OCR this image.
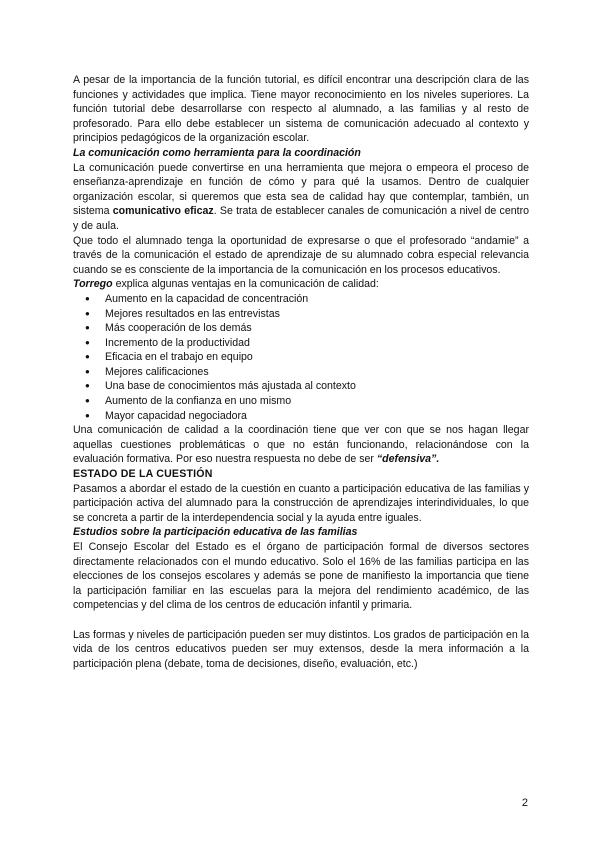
A pesar de la importancia de la función tutorial, es difícil encontrar una descripción clara de las funciones y actividades que implica. Tiene mayor reconocimiento en los niveles superiores. La función tutorial debe desarrollarse con respecto al alumnado, a las familias y al resto de profesorado. Para ello debe establecer un sistema de comunicación adecuado al contexto y principios pedagógicos de la organización escolar.

La comunicación como herramienta para la coordinación

La comunicación puede convertirse en una herramienta que mejora o empeora el proceso de enseñanza-aprendizaje en función de cómo y para qué la usamos. Dentro de cualquier organización escolar, si queremos que esta sea de calidad hay que contemplar, también, un sistema comunicativo eficaz. Se trata de establecer canales de comunicación a nivel de centro y de aula.

Que todo el alumnado tenga la oportunidad de expresarse o que el profesorado “andamie” a través de la comunicación el estado de aprendizaje de su alumnado cobra especial relevancia cuando se es consciente de la importancia de la comunicación en los procesos educativos.

Torrego explica algunas ventajas en la comunicación de calidad:

● Aumento en la capacidad de concentración
● Mejores resultados en las entrevistas
● Más cooperación de los demás
● Incremento de la productividad
● Eficacia en el trabajo en equipo
● Mejores calificaciones
● Una base de conocimientos más ajustada al contexto
● Aumento de la confianza en uno mismo
● Mayor capacidad negociadora

Una comunicación de calidad a la coordinación tiene que ver con que se nos hagan llegar aquellas cuestiones problemáticas o que no están funcionando, relacionándose con la evaluación formativa. Por eso nuestra respuesta no debe de ser “defensiva”.

ESTADO DE LA CUESTIÓN

Pasamos a abordar el estado de la cuestión en cuanto a participación educativa de las familias y participación activa del alumnado para la construcción de aprendizajes interindividuales, lo que se concreta a partir de la interdependencia social y la ayuda entre iguales.

Estudios sobre la participación educativa de las familias

El Consejo Escolar del Estado es el órgano de participación formal de diversos sectores directamente relacionados con el mundo educativo. Solo el 16% de las familias participa en las elecciones de los consejos escolares y además se pone de manifiesto la importancia que tiene la participación familiar en las escuelas para la mejora del rendimiento académico, de las competencias y del clima de los centros de educación infantil y primaria.

Las formas y niveles de participación pueden ser muy distintos. Los grados de participación en la vida de los centros educativos pueden ser muy extensos, desde la mera información a la participación plena (debate, toma de decisiones, diseño, evaluación, etc.)

2
